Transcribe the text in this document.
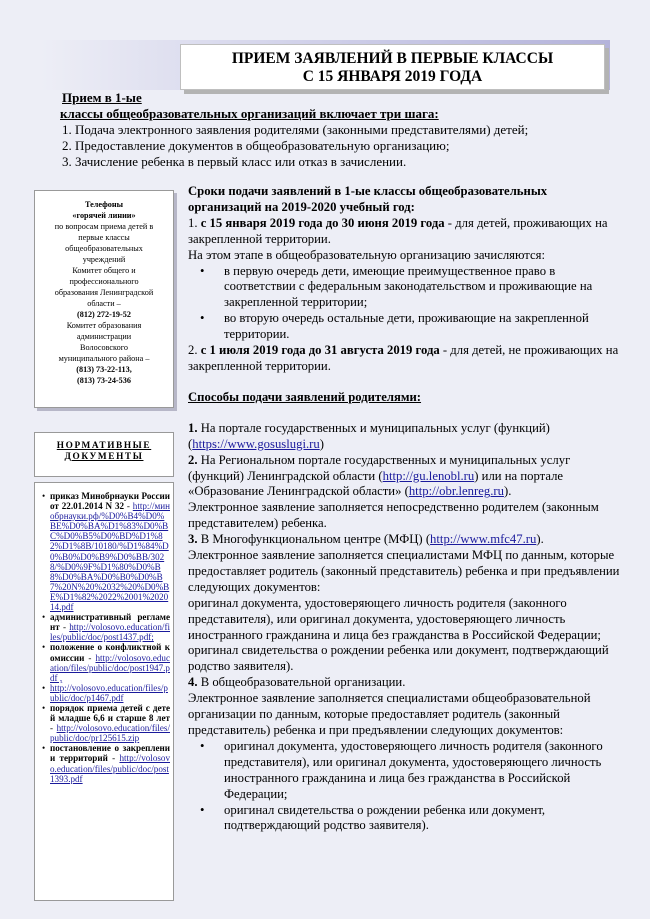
ПРИЕМ ЗАЯВЛЕНИЙ В ПЕРВЫЕ КЛАССЫ
С 15 ЯНВАРЯ 2019 ГОДА
Прием в 1-ые
классы общеобразовательных организаций включает три шага:
1. Подача электронного заявления родителями (законными представителями) детей;
2. Предоставление документов в общеобразовательную организацию;
3. Зачисление ребенка в первый класс или отказ в зачислении.
Телефоны
«горячей линии»
по вопросам приема детей в
первые классы
общеобразовательных
учреждений
Комитет общего и
профессионального
образования Ленинградской
области –
(812) 272-19-52
Комитет образования
администрации
Волосовского
муниципального района –
(813) 73-22-113,
(813) 73-24-536
НОРМАТИВНЫЕ
ДОКУМЕНТЫ
• приказ Минобрнауки России от 22.01.2014 N 32 - http://минобрнауки.рф/%D0%B4%D0%BE%D0%BA%D1%83%D0%BC%D0%B5%D0%BD%D1%82%D1%8B/10180/%D1%84%D0%B0%D0%B9%D0%BB/3028/%D0%9F%D1%80%D0%B8%D0%BA%D0%B0%D0%B7%20N%20%2032%20%D0%BE%D1%82%2022%2001%202014.pdf
• административный регламент - http://volosovo.education/files/public/doc/post1437.pdf;
• положение о конфликтной комиссии - http://volosovo.education/files/public/doc/post1947.pdf ,
• http://volosovo.education/files/public/doc/p1467.pdf
• порядок приема детей с детей младше 6,6 и старше 8 лет - http://volosovo.education/files/public/doc/pr125615.zip
• постановление о закреплении территорий - http://volosovo.education/files/public/doc/post1393.pdf

Сроки подачи заявлений в 1-ые классы общеобразовательных организаций на 2019-2020 учебный год:

1. с 15 января 2019 года до 30 июня 2019 года - для детей, проживающих на закрепленной территории.

На этом этапе в общеобразовательную организацию зачисляются:

• в первую очередь дети, имеющие преимущественное право в соответствии с федеральным законодательством и проживающие на закрепленной территории;
• во вторую очередь остальные дети, проживающие на закрепленной территории.

2. с 1 июля 2019 года до 31 августа 2019 года - для детей, не проживающих на закрепленной территории.

Способы подачи заявлений родителями:

1. На портале государственных и муниципальных услуг (функций) (https://www.gosuslugi.ru)

2. На Региональном портале государственных и муниципальных услуг (функций) Ленинградской области (http://gu.lenobl.ru) или на портале «Образование Ленинградской области» (http://obr.lenreg.ru).

Электронное заявление заполняется непосредственно родителем (законным представителем) ребенка.

3. В Многофункциональном центре (МФЦ) (http://www.mfc47.ru).

Электронное заявление заполняется специалистами МФЦ по данным, которые предоставляет родитель (законный представитель) ребенка и при предъявлении следующих документов:

оригинал документа, удостоверяющего личность родителя (законного представителя), или оригинал документа, удостоверяющего личность иностранного гражданина и лица без гражданства в Российской Федерации;

оригинал свидетельства о рождении ребенка или документ, подтверждающий родство заявителя).

4. В общеобразовательной организации.

Электронное заявление заполняется специалистами общеобразовательной организации по данным, которые предоставляет родитель (законный представитель) ребенка и при предъявлении следующих документов:

• оригинал документа, удостоверяющего личность родителя (законного представителя), или оригинал документа, удостоверяющего личность иностранного гражданина и лица без гражданства в Российской Федерации;
• оригинал свидетельства о рождении ребенка или документ, подтверждающий родство заявителя).
